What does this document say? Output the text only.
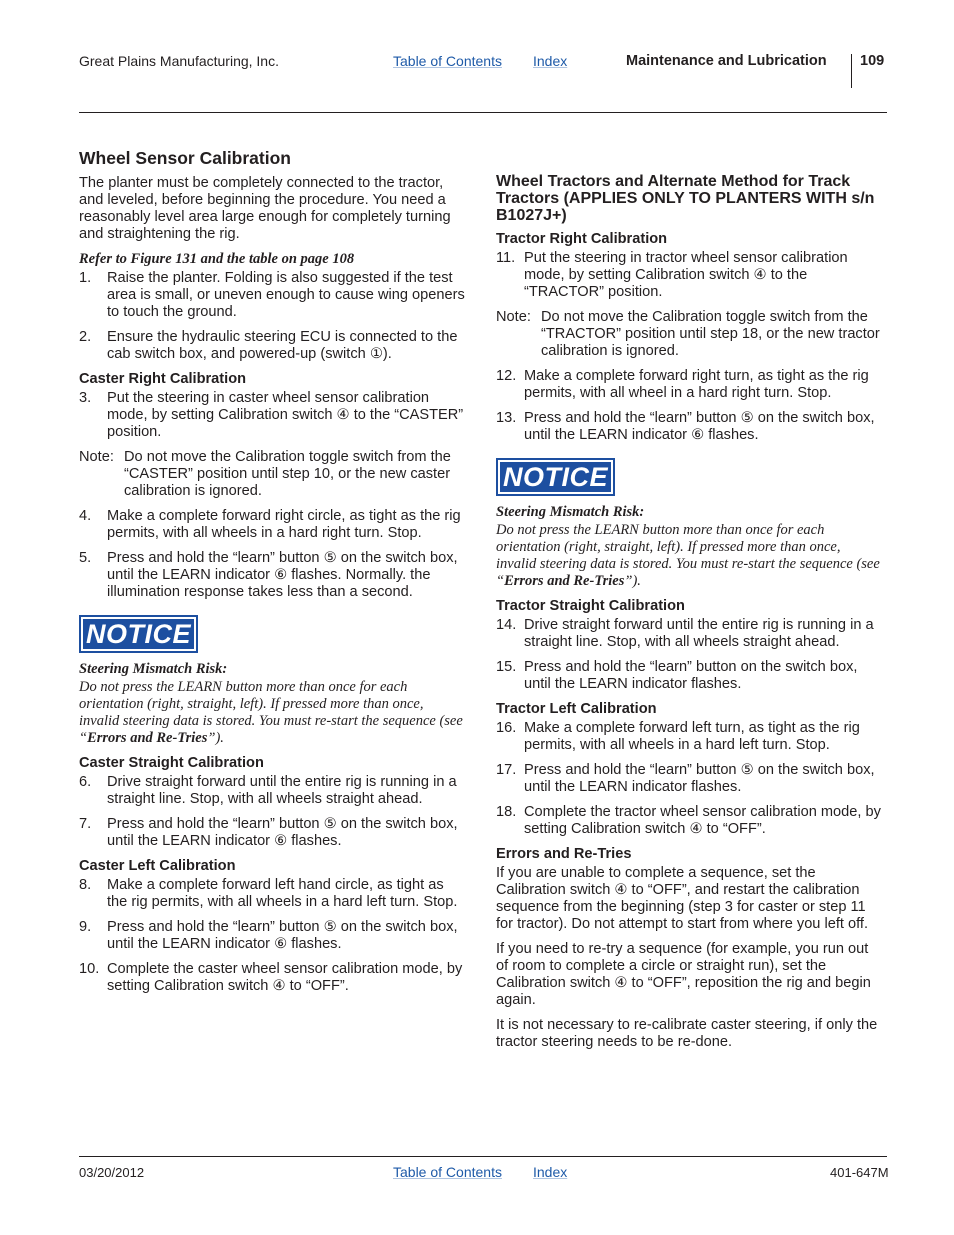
Great Plains Manufacturing, Inc.	Table of Contents Index	Maintenance and Lubrication 109
Wheel Sensor Calibration

The planter must be completely connected to the tractor, and leveled, before beginning the procedure. You need a reasonably level area large enough for completely turning and straightening the rig.

Refer to Figure 131 and the table on page 108

1.	Raise the planter. Folding is also suggested if the test area is small, or uneven enough to cause wing openers to touch the ground.
2.	Ensure the hydraulic steering ECU is connected to the cab switch box, and powered-up (switch ①).
Caster Right Calibration
3.	Put the steering in caster wheel sensor calibration mode, by setting Calibration switch ④ to the “CASTER” position.
Note: Do not move the Calibration toggle switch from the “CASTER” position until step 10, or the new caster calibration is ignored.
4.	Make a complete forward right circle, as tight as the rig permits, with all wheels in a hard right turn. Stop.
5.	Press and hold the “learn” button ⑤ on the switch box, until the LEARN indicator ⑥ flashes. Normally. the illumination response takes less than a second.
NOTICE
Steering Mismatch Risk:
Do not press the LEARN button more than once for each orientation (right, straight, left). If pressed more than once, invalid steering data is stored. You must re-start the sequence (see “Errors and Re-Tries”).
Caster Straight Calibration
6.	Drive straight forward until the entire rig is running in a straight line. Stop, with all wheels straight ahead.
7.	Press and hold the “learn” button ⑤ on the switch box, until the LEARN indicator ⑥ flashes.
Caster Left Calibration
8.	Make a complete forward left hand circle, as tight as the rig permits, with all wheels in a hard left turn. Stop.
9.	Press and hold the “learn” button ⑤ on the switch box, until the LEARN indicator ⑥ flashes.
10. Complete the caster wheel sensor calibration mode, by setting Calibration switch ④ to “OFF”.
Wheel Tractors and Alternate Method for Track Tractors (APPLIES ONLY TO PLANTERS WITH s/n B1027J+)
Tractor Right Calibration
11. Put the steering in tractor wheel sensor calibration mode, by setting Calibration switch ④ to the “TRACTOR” position.
Note: Do not move the Calibration toggle switch from the “TRACTOR” position until step 18, or the new tractor calibration is ignored.
12. Make a complete forward right turn, as tight as the rig permits, with all wheel in a hard right turn. Stop.
13. Press and hold the “learn” button ⑤ on the switch box, until the LEARN indicator ⑥ flashes.
NOTICE
Steering Mismatch Risk:
Do not press the LEARN button more than once for each orientation (right, straight, left). If pressed more than once, invalid steering data is stored. You must re-start the sequence (see “Errors and Re-Tries”).
Tractor Straight Calibration
14. Drive straight forward until the entire rig is running in a straight line. Stop, with all wheels straight ahead.
15. Press and hold the “learn” button on the switch box, until the LEARN indicator flashes.
Tractor Left Calibration
16. Make a complete forward left turn, as tight as the rig permits, with all wheels in a hard left turn. Stop.
17. Press and hold the “learn” button ⑤ on the switch box, until the LEARN indicator flashes.
18. Complete the tractor wheel sensor calibration mode, by setting Calibration switch ④ to “OFF”.
Errors and Re-Tries

If you are unable to complete a sequence, set the Calibration switch ④ to “OFF”, and restart the calibration sequence from the beginning (step 3 for caster or step 11 for tractor). Do not attempt to start from where you left off.

If you need to re-try a sequence (for example, you run out of room to complete a circle or straight run), set the Calibration switch ④ to “OFF”, reposition the rig and begin again.

It is not necessary to re-calibrate caster steering, if only the tractor steering needs to be re-done.

03/20/2012	Table of Contents Index	401-647M
